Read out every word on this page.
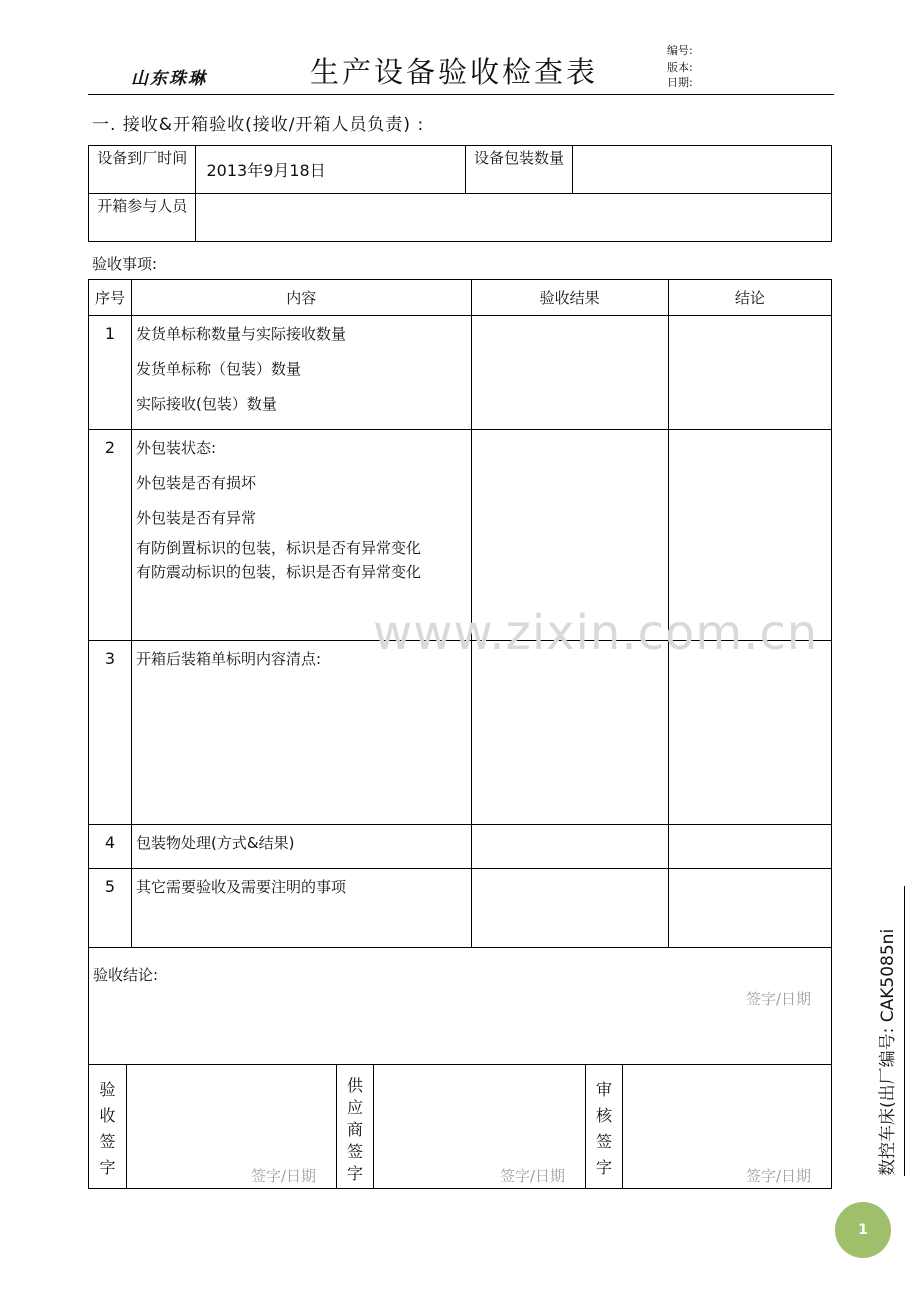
山东珠琳	生产设备验收检查表
编号:
版本:
日期:
一. 接收&开箱验收(接收/开箱人员负责) :
设备到厂时间	2013年9月18日	设备包装数量	
开箱参与人员			
验收事项:
序号	内容	验收结果	结论
1	发货单标称数量与实际接收数量
发货单标称（包装）数量
实际接收(包装）数量		

2	外包装状态:
外包装是否有损坏
外包装是否有异常
有防倒置标识的包装，标识是否有异常变化
有防震动标识的包装，标识是否有异常变化		

3	开箱后装箱单标明内容清点:		

4	包装物处理(方式&结果)		

5	其它需要验收及需要注明的事项		

验收结论:
签字/日期
验收签字	签字/日期
供应商签字	签字/日期
审核签字	签字/日期	数控车床(出厂编号: CAK5085ni
www.zixin.com.cn
1
